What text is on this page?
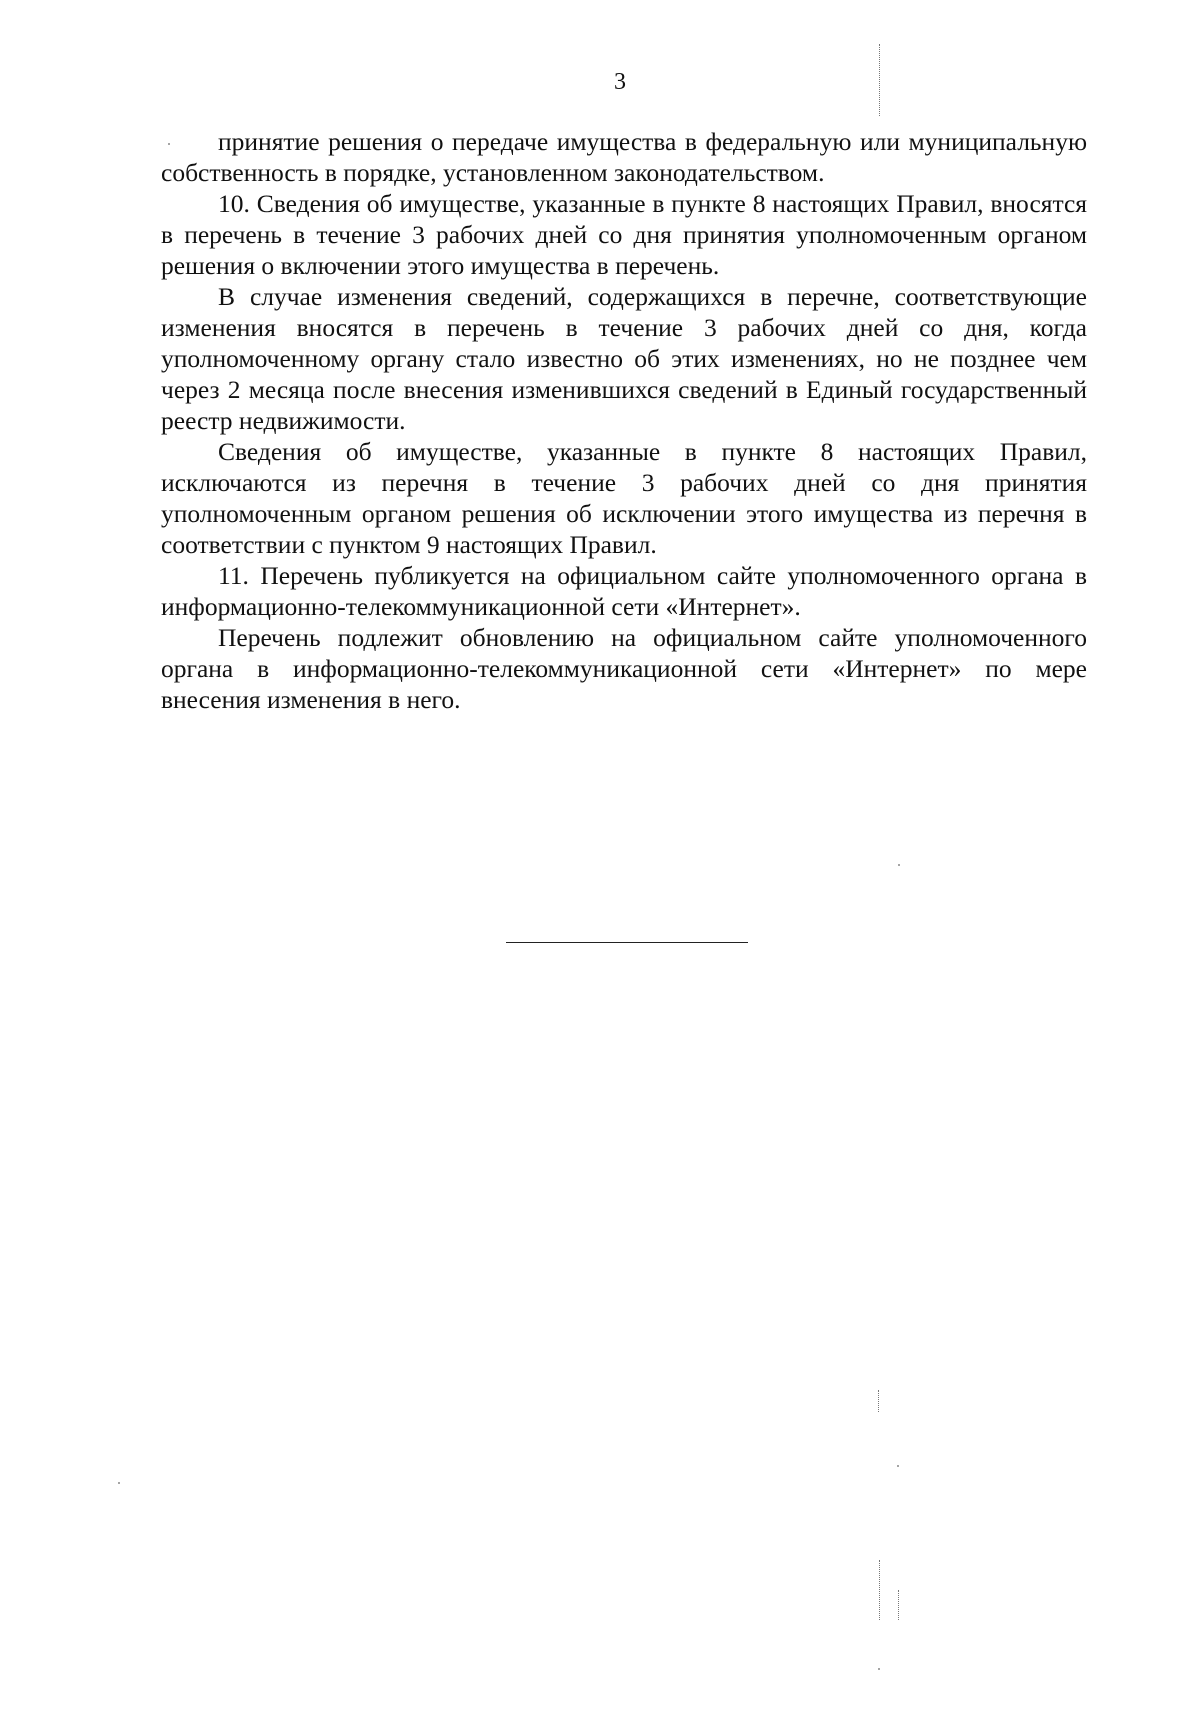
3

принятие решения о передаче имущества в федеральную или муниципальную собственность в порядке, установленном законодательством.

10. Сведения об имуществе, указанные в пункте 8 настоящих Правил, вносятся в перечень в течение 3 рабочих дней со дня принятия уполномоченным органом решения о включении этого имущества в перечень.

В случае изменения сведений, содержащихся в перечне, соответствующие изменения вносятся в перечень в течение 3 рабочих дней со дня, когда уполномоченному органу стало известно об этих изменениях, но не позднее чем через 2 месяца после внесения изменившихся сведений в Единый государственный реестр недвижимости.

Сведения об имуществе, указанные в пункте 8 настоящих Правил, исключаются из перечня в течение 3 рабочих дней со дня принятия уполномоченным органом решения об исключении этого имущества из перечня в соответствии с пунктом 9 настоящих Правил.

11. Перечень публикуется на официальном сайте уполномоченного органа в информационно-телекоммуникационной сети «Интернет».

Перечень подлежит обновлению на официальном сайте уполномоченного органа в информационно-телекоммуникационной сети «Интернет» по мере внесения изменения в него.
